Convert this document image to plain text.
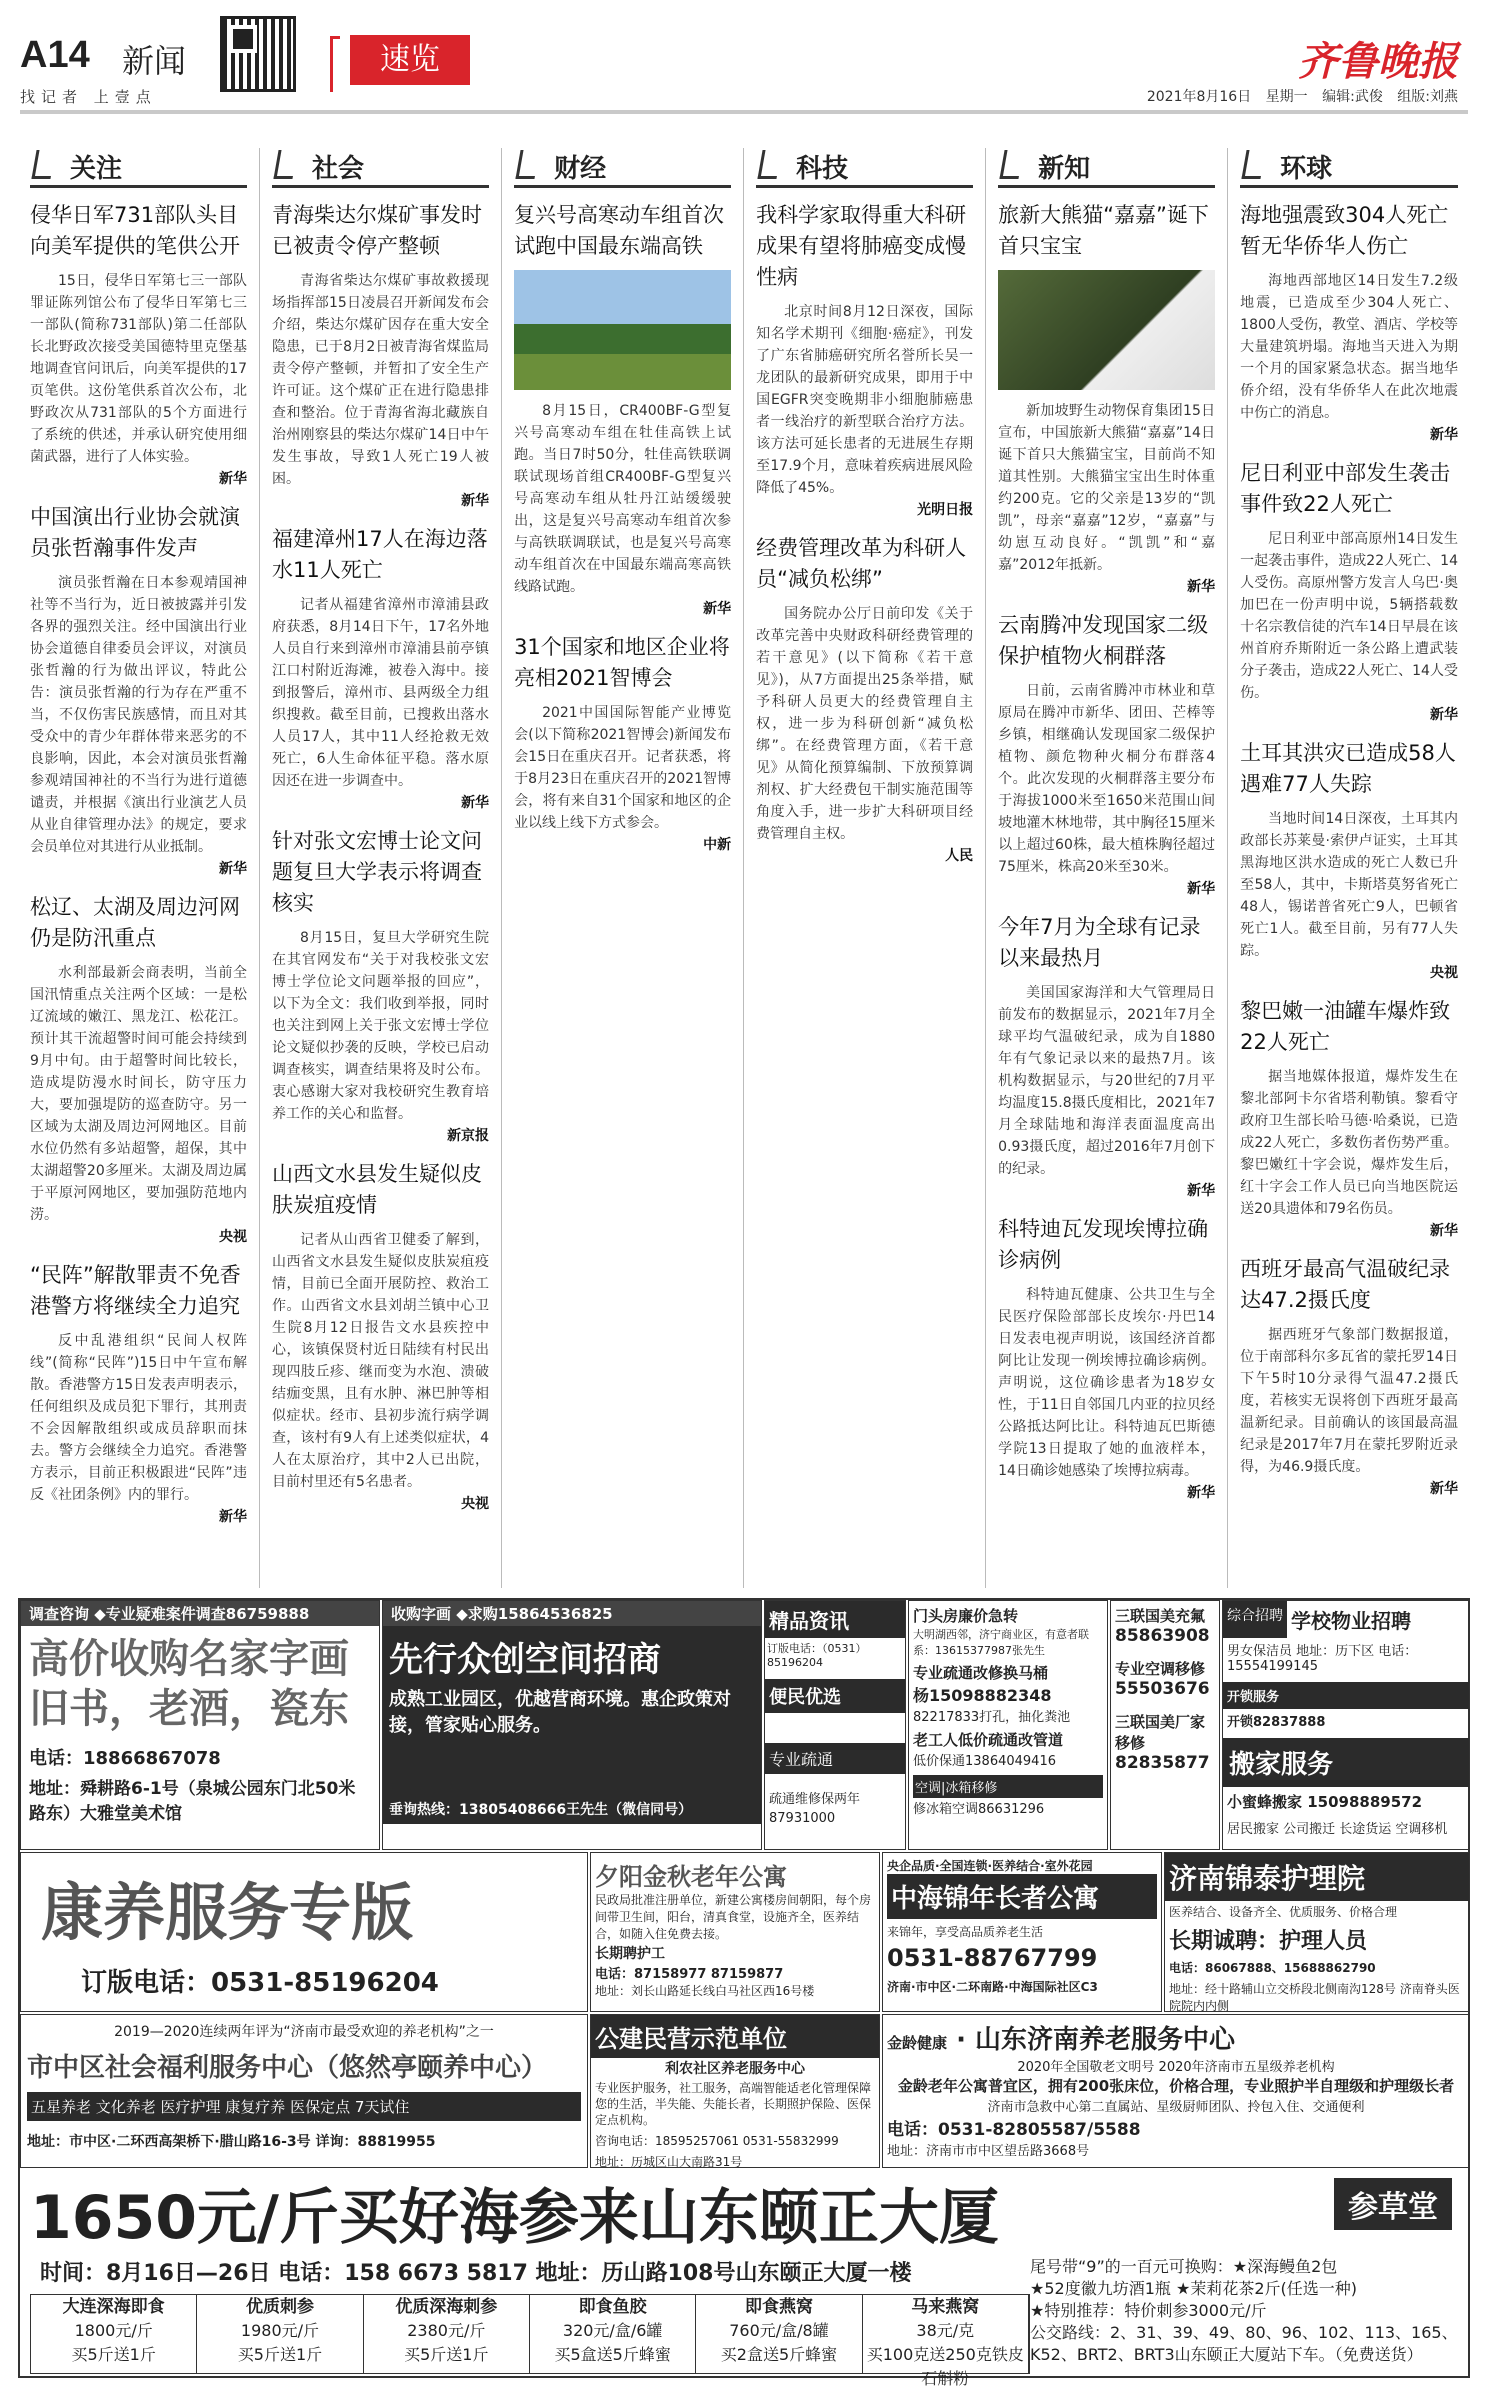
A14 新闻
找记者 上壹点
速览	齐鲁晚报
2021年8月16日 星期一 编辑:武俊 组版:刘燕
关注
侵华日军731部队头目向美军提供的笔供公开

15日，侵华日军第七三一部队罪证陈列馆公布了侵华日军第七三一部队(简称731部队)第二任部队长北野政次接受美国德特里克堡基地调查官问讯后，向美军提供的17页笔供。这份笔供系首次公布，北野政次从731部队的5个方面进行了系统的供述，并承认研究使用细菌武器，进行了人体实验。

新华
中国演出行业协会就演员张哲瀚事件发声

演员张哲瀚在日本参观靖国神社等不当行为，近日被披露并引发各界的强烈关注。经中国演出行业协会道德自律委员会评议，对演员张哲瀚的行为做出评议，特此公告：演员张哲瀚的行为存在严重不当，不仅伤害民族感情，而且对其受众中的青少年群体带来恶劣的不良影响，因此，本会对演员张哲瀚参观靖国神社的不当行为进行道德谴责，并根据《演出行业演艺人员从业自律管理办法》的规定，要求会员单位对其进行从业抵制。

新华
松辽、太湖及周边河网仍是防汛重点

水利部最新会商表明，当前全国汛情重点关注两个区域：一是松辽流域的嫩江、黑龙江、松花江。预计其干流超警时间可能会持续到9月中旬。由于超警时间比较长，造成堤防漫水时间长，防守压力大，要加强堤防的巡查防守。另一区域为太湖及周边河网地区。目前水位仍然有多站超警，超保，其中太湖超警20多厘米。太湖及周边属于平原河网地区，要加强防范地内涝。

央视
“民阵”解散罪责不免香港警方将继续全力追究

反中乱港组织“民间人权阵线”(简称“民阵”)15日中午宣布解散。香港警方15日发表声明表示，任何组织及成员犯下罪行，其刑责不会因解散组织或成员辞职而抹去。警方会继续全力追究。香港警方表示，目前正积极跟进“民阵”违反《社团条例》内的罪行。

新华
社会
青海柴达尔煤矿事发时已被责令停产整顿

青海省柴达尔煤矿事故救援现场指挥部15日凌晨召开新闻发布会介绍，柴达尔煤矿因存在重大安全隐患，已于8月2日被青海省煤监局责令停产整顿，并暂扣了安全生产许可证。这个煤矿正在进行隐患排查和整治。位于青海省海北藏族自治州刚察县的柴达尔煤矿14日中午发生事故，导致1人死亡19人被困。

新华
福建漳州17人在海边落水11人死亡

记者从福建省漳州市漳浦县政府获悉，8月14日下午，17名外地人员自行来到漳州市漳浦县前亭镇江口村附近海滩，被卷入海中。接到报警后，漳州市、县两级全力组织搜救。截至目前，已搜救出落水人员17人，其中11人经抢救无效死亡，6人生命体征平稳。落水原因还在进一步调查中。

新华
针对张文宏博士论文问题复旦大学表示将调查核实

8月15日，复旦大学研究生院在其官网发布“关于对我校张文宏博士学位论文问题举报的回应”，以下为全文：我们收到举报，同时也关注到网上关于张文宏博士学位论文疑似抄袭的反映，学校已启动调查核实，调查结果将及时公布。衷心感谢大家对我校研究生教育培养工作的关心和监督。

新京报
山西文水县发生疑似皮肤炭疽疫情

记者从山西省卫健委了解到，山西省文水县发生疑似皮肤炭疽疫情，目前已全面开展防控、救治工作。山西省文水县刘胡兰镇中心卫生院8月12日报告文水县疾控中心，该镇保贤村近日陆续有村民出现四肢丘疹、继而变为水泡、溃破结痂变黑，且有水肿、淋巴肿等相似症状。经市、县初步流行病学调查，该村有9人有上述类似症状，4人在太原治疗，其中2人已出院，目前村里还有5名患者。

央视
财经
复兴号高寒动车组首次试跑中国最东端高铁

8月15日，CR400BF-G型复兴号高寒动车组在牡佳高铁上试跑。当日7时50分，牡佳高铁联调联试现场首组CR400BF-G型复兴号高寒动车组从牡丹江站缓缓驶出，这是复兴号高寒动车组首次参与高铁联调联试，也是复兴号高寒动车组首次在中国最东端高寒高铁线路试跑。

新华
31个国家和地区企业将亮相2021智博会

2021中国国际智能产业博览会(以下简称2021智博会)新闻发布会15日在重庆召开。记者获悉，将于8月23日在重庆召开的2021智博会，将有来自31个国家和地区的企业以线上线下方式参会。

中新
科技
我科学家取得重大科研成果有望将肺癌变成慢性病

北京时间8月12日深夜，国际知名学术期刊《细胞·癌症》，刊发了广东省肺癌研究所名誉所长吴一龙团队的最新研究成果，即用于中国EGFR突变晚期非小细胞肺癌患者一线治疗的新型联合治疗方法。该方法可延长患者的无进展生存期至17.9个月，意味着疾病进展风险降低了45%。

光明日报
经费管理改革为科研人员“减负松绑”

国务院办公厅日前印发《关于改革完善中央财政科研经费管理的若干意见》(以下简称《若干意见》)，从7方面提出25条举措，赋予科研人员更大的经费管理自主权，进一步为科研创新“减负松绑”。在经费管理方面，《若干意见》从简化预算编制、下放预算调剂权、扩大经费包干制实施范围等角度入手，进一步扩大科研项目经费管理自主权。

人民
新知
旅新大熊猫“嘉嘉”诞下首只宝宝

新加坡野生动物保育集团15日宣布，中国旅新大熊猫“嘉嘉”14日诞下首只大熊猫宝宝，目前尚不知道其性别。大熊猫宝宝出生时体重约200克。它的父亲是13岁的“凯凯”，母亲“嘉嘉”12岁，“嘉嘉”与幼崽互动良好。“凯凯”和“嘉嘉”2012年抵新。

新华
云南腾冲发现国家二级保护植物火桐群落

日前，云南省腾冲市林业和草原局在腾冲市新华、团田、芒棒等乡镇，相继确认发现国家二级保护植物、颜危物种火桐分布群落4个。此次发现的火桐群落主要分布于海拔1000米至1650米范围山间坡地灌木林地带，其中胸径15厘米以上超过60株，最大植株胸径超过75厘米，株高20米至30米。

新华
今年7月为全球有记录以来最热月

美国国家海洋和大气管理局日前发布的数据显示，2021年7月全球平均气温破纪录，成为自1880年有气象记录以来的最热7月。该机构数据显示，与20世纪的7月平均温度15.8摄氏度相比，2021年7月全球陆地和海洋表面温度高出0.93摄氏度，超过2016年7月创下的纪录。

新华
科特迪瓦发现埃博拉确诊病例

科特迪瓦健康、公共卫生与全民医疗保险部部长皮埃尔·丹巴14日发表电视声明说，该国经济首都阿比让发现一例埃博拉确诊病例。声明说，这位确诊患者为18岁女性，于11日自邻国几内亚的拉贝经公路抵达阿比让。科特迪瓦巴斯德学院13日提取了她的血液样本，14日确诊她感染了埃博拉病毒。

新华
环球
海地强震致304人死亡暂无华侨华人伤亡

海地西部地区14日发生7.2级地震，已造成至少304人死亡、1800人受伤，教堂、酒店、学校等大量建筑坍塌。海地当天进入为期一个月的国家紧急状态。据当地华侨介绍，没有华侨华人在此次地震中伤亡的消息。

新华
尼日利亚中部发生袭击事件致22人死亡

尼日利亚中部高原州14日发生一起袭击事件，造成22人死亡、14人受伤。高原州警方发言人乌巴·奥加巴在一份声明中说，5辆搭载数十名宗教信徒的汽车14日早晨在该州首府乔斯附近一条公路上遭武装分子袭击，造成22人死亡、14人受伤。

新华
土耳其洪灾已造成58人遇难77人失踪

当地时间14日深夜，土耳其内政部长苏莱曼·索伊卢证实，土耳其黑海地区洪水造成的死亡人数已升至58人，其中，卡斯塔莫努省死亡48人，锡诺普省死亡9人，巴顿省死亡1人。截至目前，另有77人失踪。

央视
黎巴嫩一油罐车爆炸致22人死亡

据当地媒体报道，爆炸发生在黎北部阿卡尔省塔利勒镇。黎看守政府卫生部长哈马德·哈桑说，已造成22人死亡，多数伤者伤势严重。黎巴嫩红十字会说，爆炸发生后，红十字会工作人员已向当地医院运送20具遗体和79名伤员。

新华
西班牙最高气温破纪录达47.2摄氏度

据西班牙气象部门数据报道，位于南部科尔多瓦省的蒙托罗14日下午5时10分录得气温47.2摄氏度，若核实无误将创下西班牙最高温新纪录。目前确认的该国最高温纪录是2017年7月在蒙托罗附近录得，为46.9摄氏度。

新华
调查咨询 ◆专业疑难案件调查86759888
高价收购名家字画旧书，老酒，瓷东
电话：18866867078
地址：舜耕路6-1号（泉城公园东门北50米路东）大雅堂美术馆
收购字画 ◆求购15864536825
先行众创空间招商
成熟工业园区，优越营商环境。惠企政策对接，管家贴心服务。
垂询热线：13805408666王先生（微信同号）
精品资讯
订版电话：（0531）85196204
便民优选
专业疏通
疏通维修保两年
87931000
门头房廉价急转
大明湖西邻，济宁商业区，有意者联系：13615377987张先生
专业疏通改修换马桶
杨15098882348
82217833打孔，抽化粪池
老工人低价疏通改管道
低价保通13864049416
空调|冰箱移修
修冰箱空调86631296
三联国美充氟
85863908
专业空调移修
55503676
三联国美厂家移修
82835877
综合招聘 学校物业招聘
男女保洁员 地址：历下区 电话：15554199145
开锁服务
开锁82837888
搬家服务
小蜜蜂搬家 15098889572
居民搬家 公司搬迁 长途货运 空调移机
康养服务专版
订版电话：0531-85196204
夕阳金秋老年公寓
民政局批准注册单位，新建公寓楼房间朝阳，每个房间带卫生间，阳台，清真食堂，设施齐全，医养结合，如随入住免费去接。
长期聘护工
电话：87158977 87159877
地址：刘长山路延长线白马社区西16号楼
央企品质·全国连锁·医养结合·室外花园
中海锦年长者公寓
来锦年，享受高品质养老生活
0531-88767799
济南·市中区·二环南路·中海国际社区C3
济南锦泰护理院
医养结合、设备齐全、优质服务、价格合理
长期诚聘：护理人员
电话：86067888、15688862790
地址：经十路辅山立交桥段北侧南沟128号 济南脊头医院院内内侧
2019—2020连续两年评为“济南市最受欢迎的养老机构”之一
市中区社会福利服务中心（悠然亭颐养中心）
五星养老 文化养老 医疗护理 康复疗养 医保定点 7天试住
地址：市中区·二环西高架桥下·腊山路16-3号 详询：88819955
公建民营示范单位
利农社区养老服务中心
专业医护服务，社工服务，高端智能适老化管理保障您的生活，半失能、失能长者，长期照护保险、医保定点机构。
咨询电话：18595257061 0531-55832999
地址：历城区山大南路31号
金龄健康 · 山东济南养老服务中心
2020年全国敬老文明号 2020年济南市五星级养老机构
金龄老年公寓普宜区，拥有200张床位，价格合理，专业照护半自理级和护理级长者
济南市急救中心第二直属站、星级厨师团队、拎包入住、交通便利
电话：0531-82805587/5588
地址：济南市市中区望岳路3668号
1650元/斤买好海参来山东颐正大厦	参草堂
时间：8月16日—26日 电话：158 6673 5817 地址：历山路108号山东颐正大厦一楼
大连深海即食
1800元/斤
买5斤送1斤
优质刺参
1980元/斤
买5斤送1斤
优质深海刺参
2380元/斤
买5斤送1斤
即食鱼胶
320元/盒/6罐
买5盒送5斤蜂蜜
即食燕窝
760元/盒/8罐
买2盒送5斤蜂蜜
马来燕窝
38元/克
买100克送250克铁皮石斛粉
尾号带“9”的一百元可换购：★深海鳗鱼2包
★52度徽九坊酒1瓶 ★茉莉花茶2斤(任选一种)
★特别推荐：特价刺参3000元/斤
公交路线：2、31、39、49、80、96、102、113、165、K52、BRT2、BRT3山东颐正大厦站下车。（免费送货）
